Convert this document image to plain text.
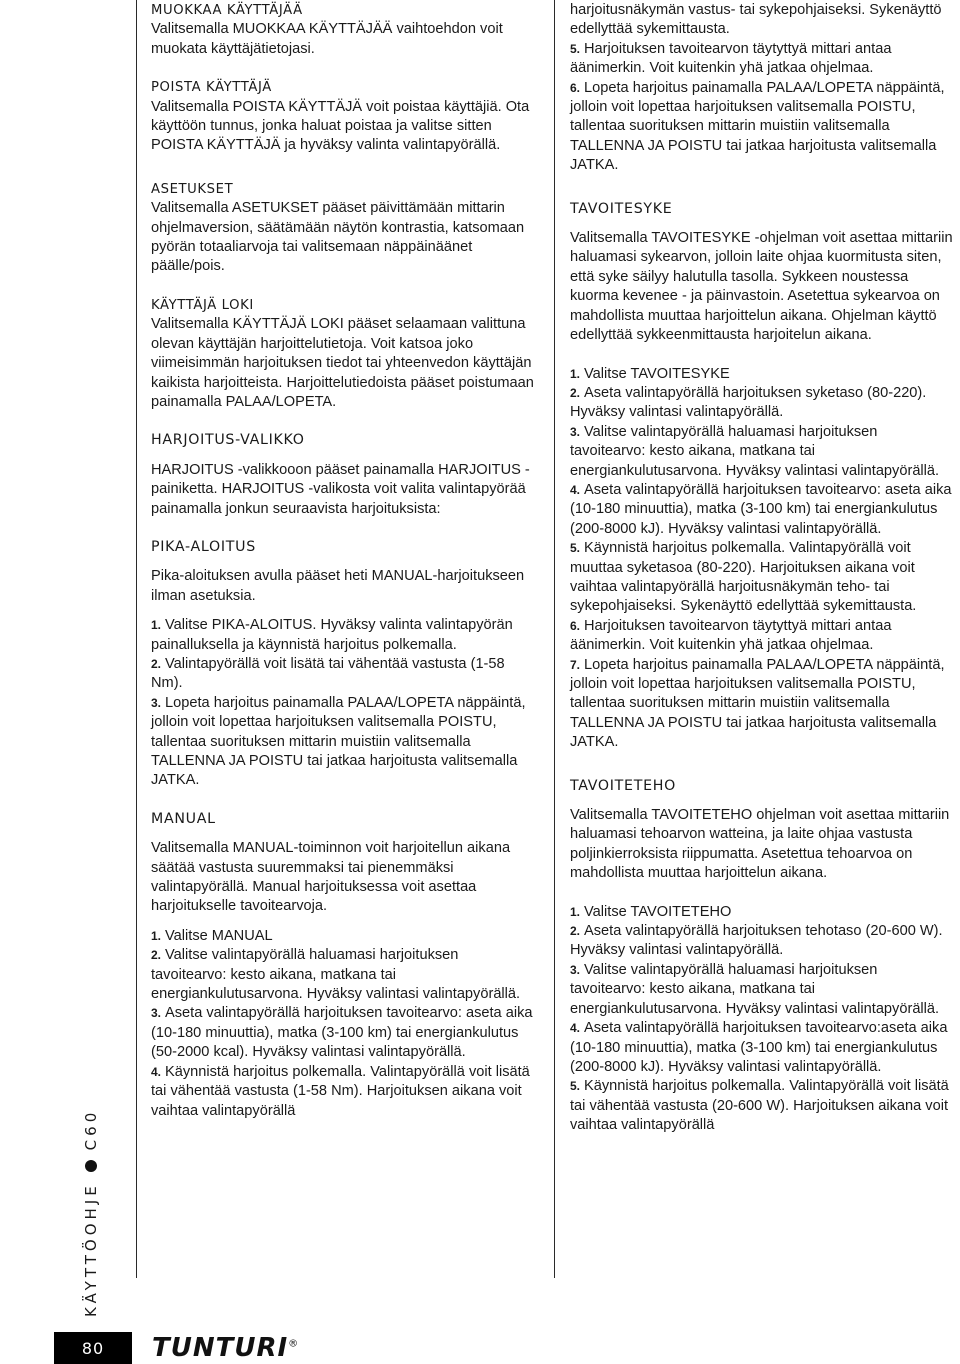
MUOKKAA KÄYTTÄJÄÄ

Valitsemalla MUOKKAA KÄYTTÄJÄÄ vaihtoehdon voit muokata käyttäjätietojasi.

POISTA KÄYTTÄJÄ

Valitsemalla POISTA KÄYTTÄJÄ voit poistaa käyttäjiä. Ota käyttöön tunnus, jonka haluat poistaa ja valitse sitten POISTA KÄYTTÄJÄ ja hyväksy valinta valintapyörällä.

ASETUKSET

Valitsemalla ASETUKSET pääset päivittämään mittarin ohjelmaversion, säätämään näytön kontrastia, katsomaan pyörän totaaliarvoja tai valitsemaan näppäinäänet päälle/pois.

KÄYTTÄJÄ LOKI

Valitsemalla KÄYTTÄJÄ LOKI pääset selaamaan valittuna olevan käyttäjän harjoittelutietoja. Voit katsoa joko viimeisimmän harjoituksen tiedot tai yhteenvedon käyttäjän kaikista harjoitteista. Harjoittelutiedoista pääset poistumaan painamalla PALAA/LOPETA.

HARJOITUS-VALIKKO

HARJOITUS -valikkooon pääset painamalla HARJOITUS -painiketta. HARJOITUS -valikosta voit valita valintapyörää painamalla jonkun seuraavista harjoituksista:

PIKA-ALOITUS

Pika-aloituksen avulla pääset heti MANUAL-harjoitukseen ilman asetuksia.

1. Valitse PIKA-ALOITUS. Hyväksy valinta valintapyörän painalluksella ja käynnistä harjoitus polkemalla.
2. Valintapyörällä voit lisätä tai vähentää vastusta (1-58 Nm).
3. Lopeta harjoitus painamalla PALAA/LOPETA näppäintä, jolloin voit lopettaa harjoituksen valitsemalla POISTU, tallentaa suorituksen mittarin muistiin valitsemalla TALLENNA JA POISTU tai jatkaa harjoitusta valitsemalla JATKA.

MANUAL

Valitsemalla MANUAL-toiminnon voit harjoitellun aikana säätää vastusta suuremmaksi tai pienemmäksi valintapyörällä. Manual harjoituksessa voit asettaa harjoitukselle tavoitearvoja.

1. Valitse MANUAL
2. Valitse valintapyörällä haluamasi harjoituksen tavoitearvo: kesto aikana, matkana tai energiankulutusarvona. Hyväksy valintasi valintapyörällä.
3. Aseta valintapyörällä harjoituksen tavoitearvo: aseta aika (10-180 minuuttia), matka (3-100 km) tai energiankulutus (50-2000 kcal). Hyväksy valintasi valintapyörällä.
4. Käynnistä harjoitus polkemalla. Valintapyörällä voit lisätä tai vähentää vastusta (1-58 Nm). Harjoituksen aikana voit vaihtaa valintapyörällä

harjoitusnäkymän vastus- tai sykepohjaiseksi. Sykenäyttö edellyttää sykemittausta.

5. Harjoituksen tavoitearvon täytyttyä mittari antaa äänimerkin. Voit kuitenkin yhä jatkaa ohjelmaa.
6. Lopeta harjoitus painamalla PALAA/LOPETA näppäintä, jolloin voit lopettaa harjoituksen valitsemalla POISTU, tallentaa suorituksen mittarin muistiin valitsemalla TALLENNA JA POISTU tai jatkaa harjoitusta valitsemalla JATKA.

TAVOITESYKE

Valitsemalla TAVOITESYKE -ohjelman voit asettaa mittariin haluamasi sykearvon, jolloin laite ohjaa kuormitusta siten, että syke säilyy halutulla tasolla. Sykkeen noustessa kuorma kevenee - ja päinvastoin. Asetettua sykearvoa on mahdollista muuttaa harjoittelun aikana. Ohjelman käyttö edellyttää sykkeenmittausta harjoitelun aikana.

1. Valitse TAVOITESYKE
2. Aseta valintapyörällä harjoituksen syketaso (80-220). Hyväksy valintasi valintapyörällä.
3. Valitse valintapyörällä haluamasi harjoituksen tavoitearvo: kesto aikana, matkana tai energiankulutusarvona. Hyväksy valintasi valintapyörällä.
4. Aseta valintapyörällä harjoituksen tavoitearvo: aseta aika (10-180 minuuttia), matka (3-100 km) tai energiankulutus (200-8000 kJ). Hyväksy valintasi valintapyörällä.
5. Käynnistä harjoitus polkemalla. Valintapyörällä voit muuttaa syketasoa (80-220). Harjoituksen aikana voit vaihtaa valintapyörällä harjoitusnäkymän teho- tai sykepohjaiseksi. Sykenäyttö edellyttää sykemittausta.
6. Harjoituksen tavoitearvon täytyttyä mittari antaa äänimerkin. Voit kuitenkin yhä jatkaa ohjelmaa.
7. Lopeta harjoitus painamalla PALAA/LOPETA näppäintä, jolloin voit lopettaa harjoituksen valitsemalla POISTU, tallentaa suorituksen mittarin muistiin valitsemalla TALLENNA JA POISTU tai jatkaa harjoitusta valitsemalla JATKA.

TAVOITETEHO

Valitsemalla TAVOITETEHO ohjelman voit asettaa mittariin haluamasi tehoarvon watteina, ja laite ohjaa vastusta poljinkierroksista riippumatta. Asetettua tehoarvoa on mahdollista muuttaa harjoittelun aikana.

1. Valitse TAVOITETEHO
2. Aseta valintapyörällä harjoituksen tehotaso (20-600 W). Hyväksy valintasi valintapyörällä.
3. Valitse valintapyörällä haluamasi harjoituksen tavoitearvo: kesto aikana, matkana tai energiankulutusarvona. Hyväksy valintasi valintapyörällä.
4. Aseta valintapyörällä harjoituksen tavoitearvo:aseta aika (10-180 minuuttia), matka (3-100 km) tai energiankulutus (200-8000 kJ). Hyväksy valintasi valintapyörällä.
5. Käynnistä harjoitus polkemalla. Valintapyörällä voit lisätä tai vähentää vastusta (20-600 W). Harjoituksen aikana voit vaihtaa valintapyörällä
KÄYTTÖOHJE
C60
80	TUNTURI®
